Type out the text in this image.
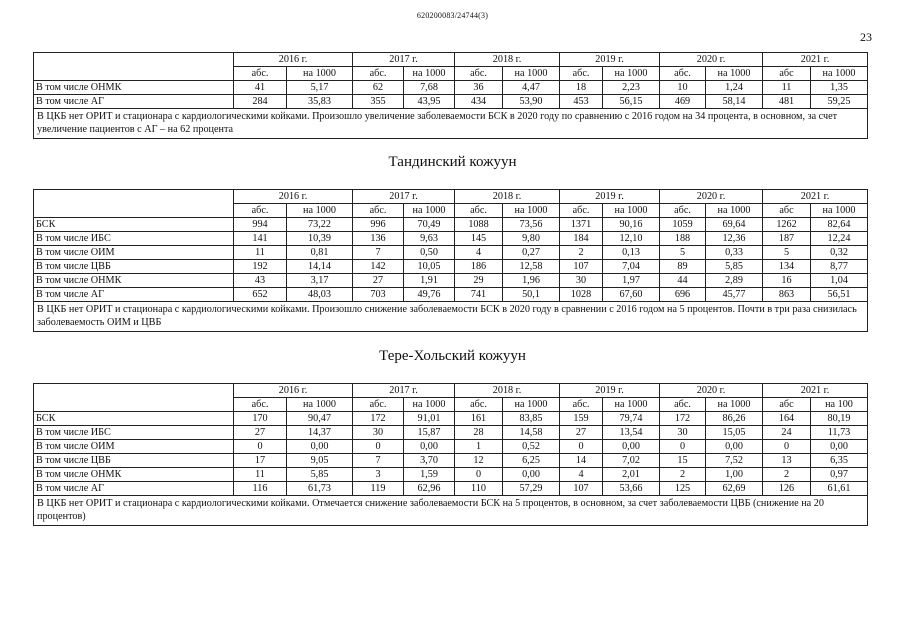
620200083/24744(3)
23
	2016 г.		2017 г.		2018 г.		2019 г.		2020 г.		2021 г.	
	абс.	на 1000	абс.	на 1000	абс.	на 1000	абс.	на 1000	абс.	на 1000	абс	на 1000
В том числе ОНМК	41	5,17	62	7,68	36	4,47	18	2,23	10	1,24	11	1,35
В том числе АГ	284	35,83	355	43,95	434	53,90	453	56,15	469	58,14	481	59,25
В ЦКБ нет ОРИТ и стационара с кардиологическими койками. Произошло увеличение заболеваемости БСК в 2020 году по сравнению с 2016 годом на 34 процента, в основном, за счет увеличение пациентов с АГ – на 62 процента												
Тандинский кожуун
	2016 г.		2017 г.		2018 г.		2019 г.		2020 г.		2021 г.	
	абс.	на 1000	абс.	на 1000	абс.	на 1000	абс.	на 1000	абс.	на 1000	абс	на 1000
БСК	994	73,22	996	70,49	1088	73,56	1371	90,16	1059	69,64	1262	82,64
В том числе ИБС	141	10,39	136	9,63	145	9,80	184	12,10	188	12,36	187	12,24
В том числе ОИМ	11	0,81	7	0,50	4	0,27	2	0,13	5	0,33	5	0,32
В том числе ЦВБ	192	14,14	142	10,05	186	12,58	107	7,04	89	5,85	134	8,77
В том числе ОНМК	43	3,17	27	1,91	29	1,96	30	1,97	44	2,89	16	1,04
В том числе АГ	652	48,03	703	49,76	741	50,1	1028	67,60	696	45,77	863	56,51
В ЦКБ нет ОРИТ и стационара с кардиологическими койками. Произошло снижение заболеваемости БСК в 2020 году в сравнении с 2016 годом на 5 процентов. Почти в три раза снизилась заболеваемость ОИМ и ЦВБ												
Тере-Хольский кожуун
	2016 г.		2017 г.		2018 г.		2019 г.		2020 г.		2021 г.	
	абс.	на 1000	абс.	на 1000	абс.	на 1000	абс.	на 1000	абс.	на 1000	абс	на 100
БСК	170	90,47	172	91,01	161	83,85	159	79,74	172	86,26	164	80,19
В том числе ИБС	27	14,37	30	15,87	28	14,58	27	13,54	30	15,05	24	11,73
В том числе ОИМ	0	0,00	0	0,00	1	0,52	0	0,00	0	0,00	0	0,00
В том числе ЦВБ	17	9,05	7	3,70	12	6,25	14	7,02	15	7,52	13	6,35
В том числе ОНМК	11	5,85	3	1,59	0	0,00	4	2,01	2	1,00	2	0,97
В том числе АГ	116	61,73	119	62,96	110	57,29	107	53,66	125	62,69	126	61,61
В ЦКБ нет ОРИТ и стационара с кардиологическими койками. Отмечается снижение заболеваемости БСК на 5 процентов, в основном, за счет заболеваемости ЦВБ (снижение на 20 процентов)												
